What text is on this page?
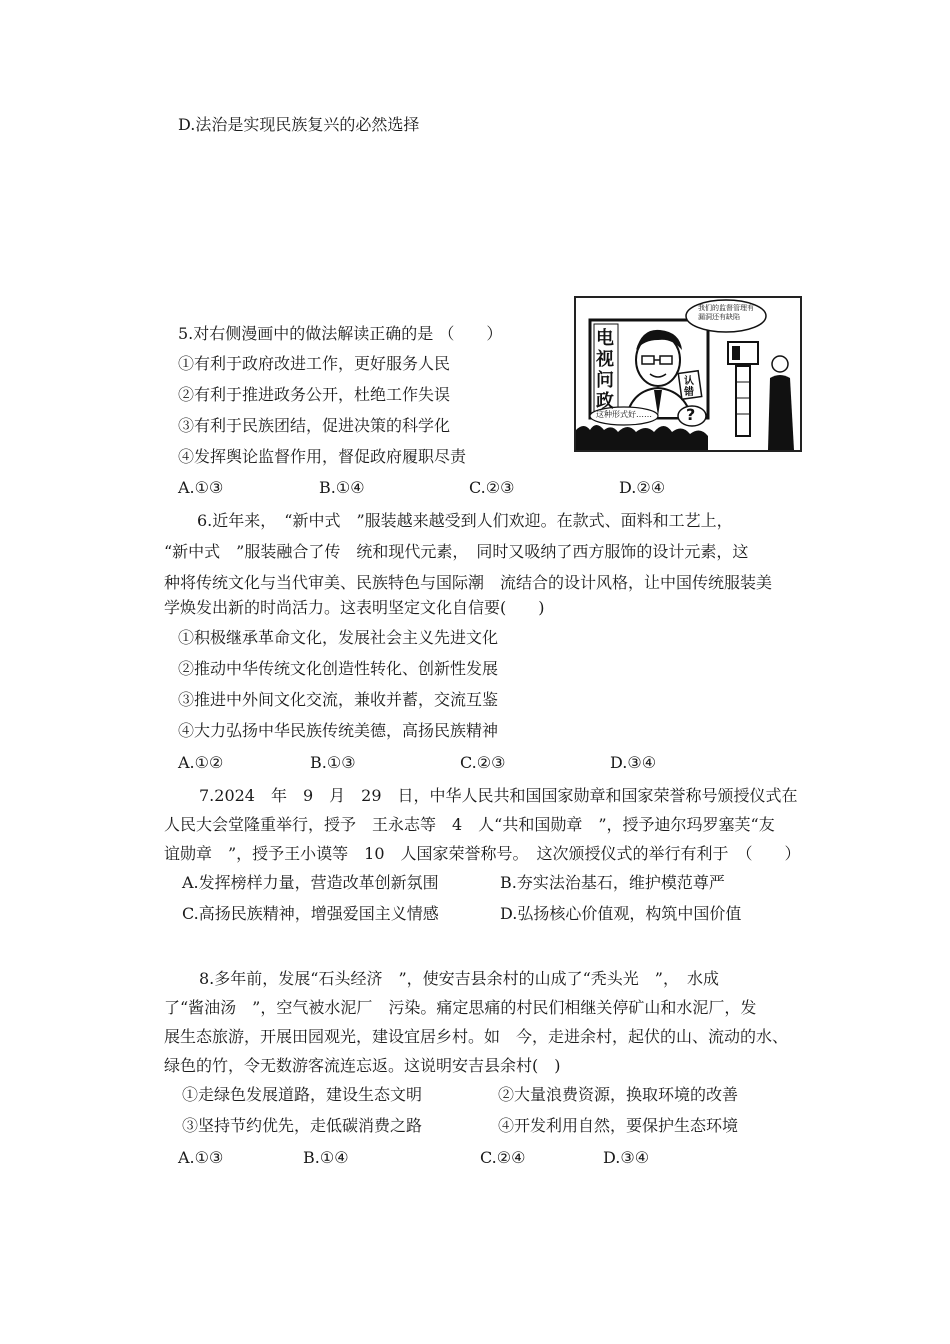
D.法治是实现民族复兴的必然选择
5.对右侧漫画中的做法解读正确的是 （　　）
①有利于政府改进工作，更好服务人民
②有利于推进政务公开，杜绝工作失误
③有利于民族团结，促进决策的科学化
④发挥舆论监督作用，督促政府履职尽责
A.①③	B.①④	C.②③	D.②④
电视问政
我们的监督管理有漏洞还有缺陷
认错
这种形式好…… ?
6.近年来，　“新中式　”服装越来越受到人们欢迎。在款式、面料和工艺上，
“新中式　”服装融合了传　统和现代元素，　同时又吸纳了西方服饰的设计元素，这
种将传统文化与当代审美、民族特色与国际潮　流结合的设计风格，让中国传统服装美
学焕发出新的时尚活力。这表明坚定文化自信要(　　)
①积极继承革命文化，发展社会主义先进文化
②推动中华传统文化创造性转化、创新性发展
③推进中外间文化交流，兼收并蓄，交流互鉴
④大力弘扬中华民族传统美德，高扬民族精神
A.①②	B.①③	C.②③	D.③④
7.2024　年　9　月　29　日，中华人民共和国国家勋章和国家荣誉称号颁授仪式在
人民大会堂隆重举行，授予　王永志等　4　人“共和国勋章　”，授予迪尔玛罗塞芙“友
谊勋章　”，授予王小谟等　10　人国家荣誉称号。　这次颁授仪式的举行有利于　（　　）
A.发挥榜样力量，营造改革创新氛围	B.夯实法治基石，维护模范尊严
C.高扬民族精神，增强爱国主义情感	D.弘扬核心价值观，构筑中国价值
8.多年前，发展“石头经济　”，使安吉县余村的山成了“秃头光　”，　水成
了“酱油汤　”，空气被水泥厂　污染。痛定思痛的村民们相继关停矿山和水泥厂，发
展生态旅游，开展田园观光，建设宜居乡村。如　今，走进余村，起伏的山、流动的水、
绿色的竹，令无数游客流连忘返。这说明安吉县余村(　)
①走绿色发展道路，建设生态文明	②大量浪费资源，换取环境的改善
③坚持节约优先，走低碳消费之路	④开发利用自然，要保护生态环境
A.①③	B.①④	C.②④	D.③④
